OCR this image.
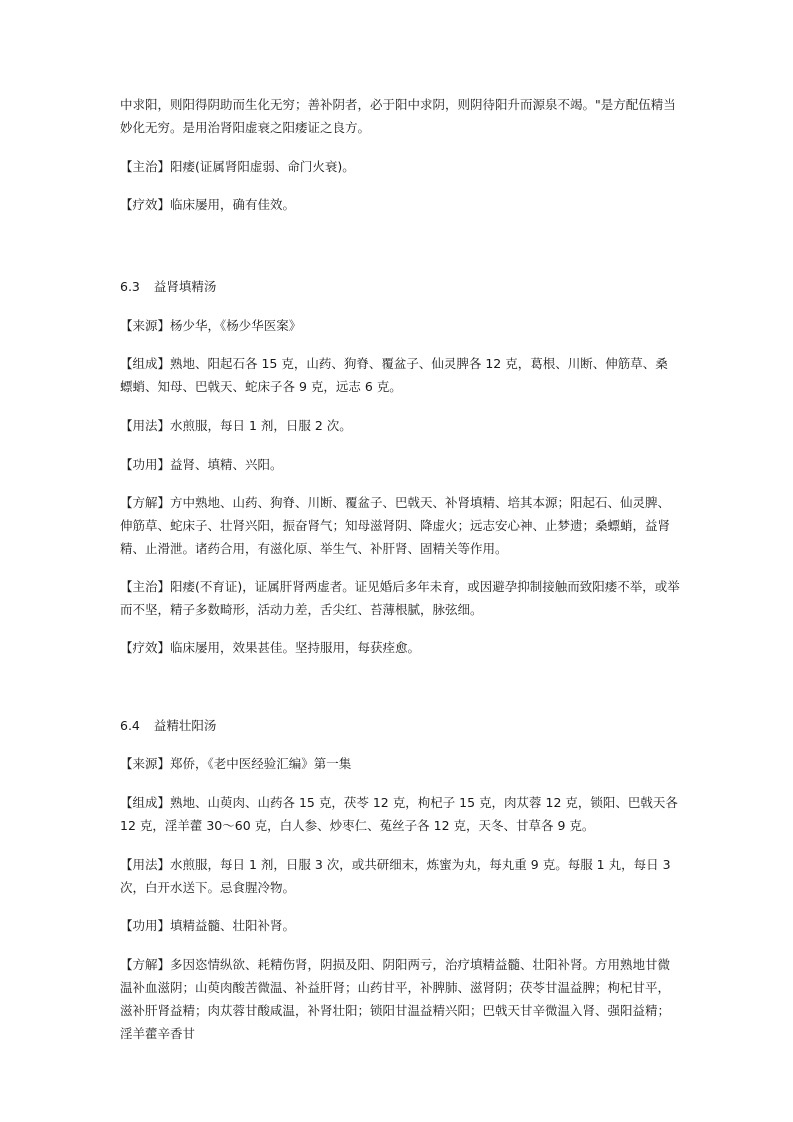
中求阳，则阳得阴助而生化无穷；善补阴者，必于阳中求阴，则阴待阳升而源泉不竭。"是方配伍精当妙化无穷。是用治肾阳虚衰之阳痿证之良方。

【主治】阳痿(证属肾阳虚弱、命门火衰)。

【疗效】临床屡用，确有佳效。

6.3 益肾填精汤

【来源】杨少华，《杨少华医案》

【组成】熟地、阳起石各 15 克，山药、狗脊、覆盆子、仙灵脾各 12 克，葛根、川断、伸筋草、桑螵蛸、知母、巴戟天、蛇床子各 9 克，远志 6 克。

【用法】水煎服，每日 1 剂，日服 2 次。

【功用】益肾、填精、兴阳。

【方解】方中熟地、山药、狗脊、川断、覆盆子、巴戟天、补肾填精、培其本源；阳起石、仙灵脾、伸筋草、蛇床子、壮肾兴阳，振奋肾气；知母滋肾阴、降虚火；远志安心神、止梦遗；桑螵蛸，益肾精、止滑泄。诸药合用，有滋化原、举生气、补肝肾、固精关等作用。

【主治】阳痿(不育证)，证属肝肾两虚者。证见婚后多年未育，或因避孕抑制接触而致阳痿不举，或举而不坚，精子多数畸形，活动力差，舌尖红、苔薄根腻，脉弦细。

【疗效】临床屡用，效果甚佳。坚持服用，每获痊愈。

6.4 益精壮阳汤

【来源】郑侨，《老中医经验汇编》第一集

【组成】熟地、山萸肉、山药各 15 克，茯苓 12 克，枸杞子 15 克，肉苁蓉 12 克，锁阳、巴戟天各 12 克，淫羊藿 30～60 克，白人参、炒枣仁、菟丝子各 12 克，天冬、甘草各 9 克。

【用法】水煎服，每日 1 剂，日服 3 次，或共研细末，炼蜜为丸，每丸重 9 克。每服 1 丸，每日 3 次，白开水送下。忌食腥冷物。

【功用】填精益髓、壮阳补肾。

【方解】多因恣情纵欲、耗精伤肾，阴损及阳、阴阳两亏，治疗填精益髓、壮阳补肾。方用熟地甘微温补血滋阴；山萸肉酸苦微温、补益肝肾；山药甘平，补脾肺、滋肾阴；茯苓甘温益脾；枸杞甘平，滋补肝肾益精；肉苁蓉甘酸咸温，补肾壮阳；锁阳甘温益精兴阳；巴戟天甘辛微温入肾、强阳益精；淫羊藿辛香甘
